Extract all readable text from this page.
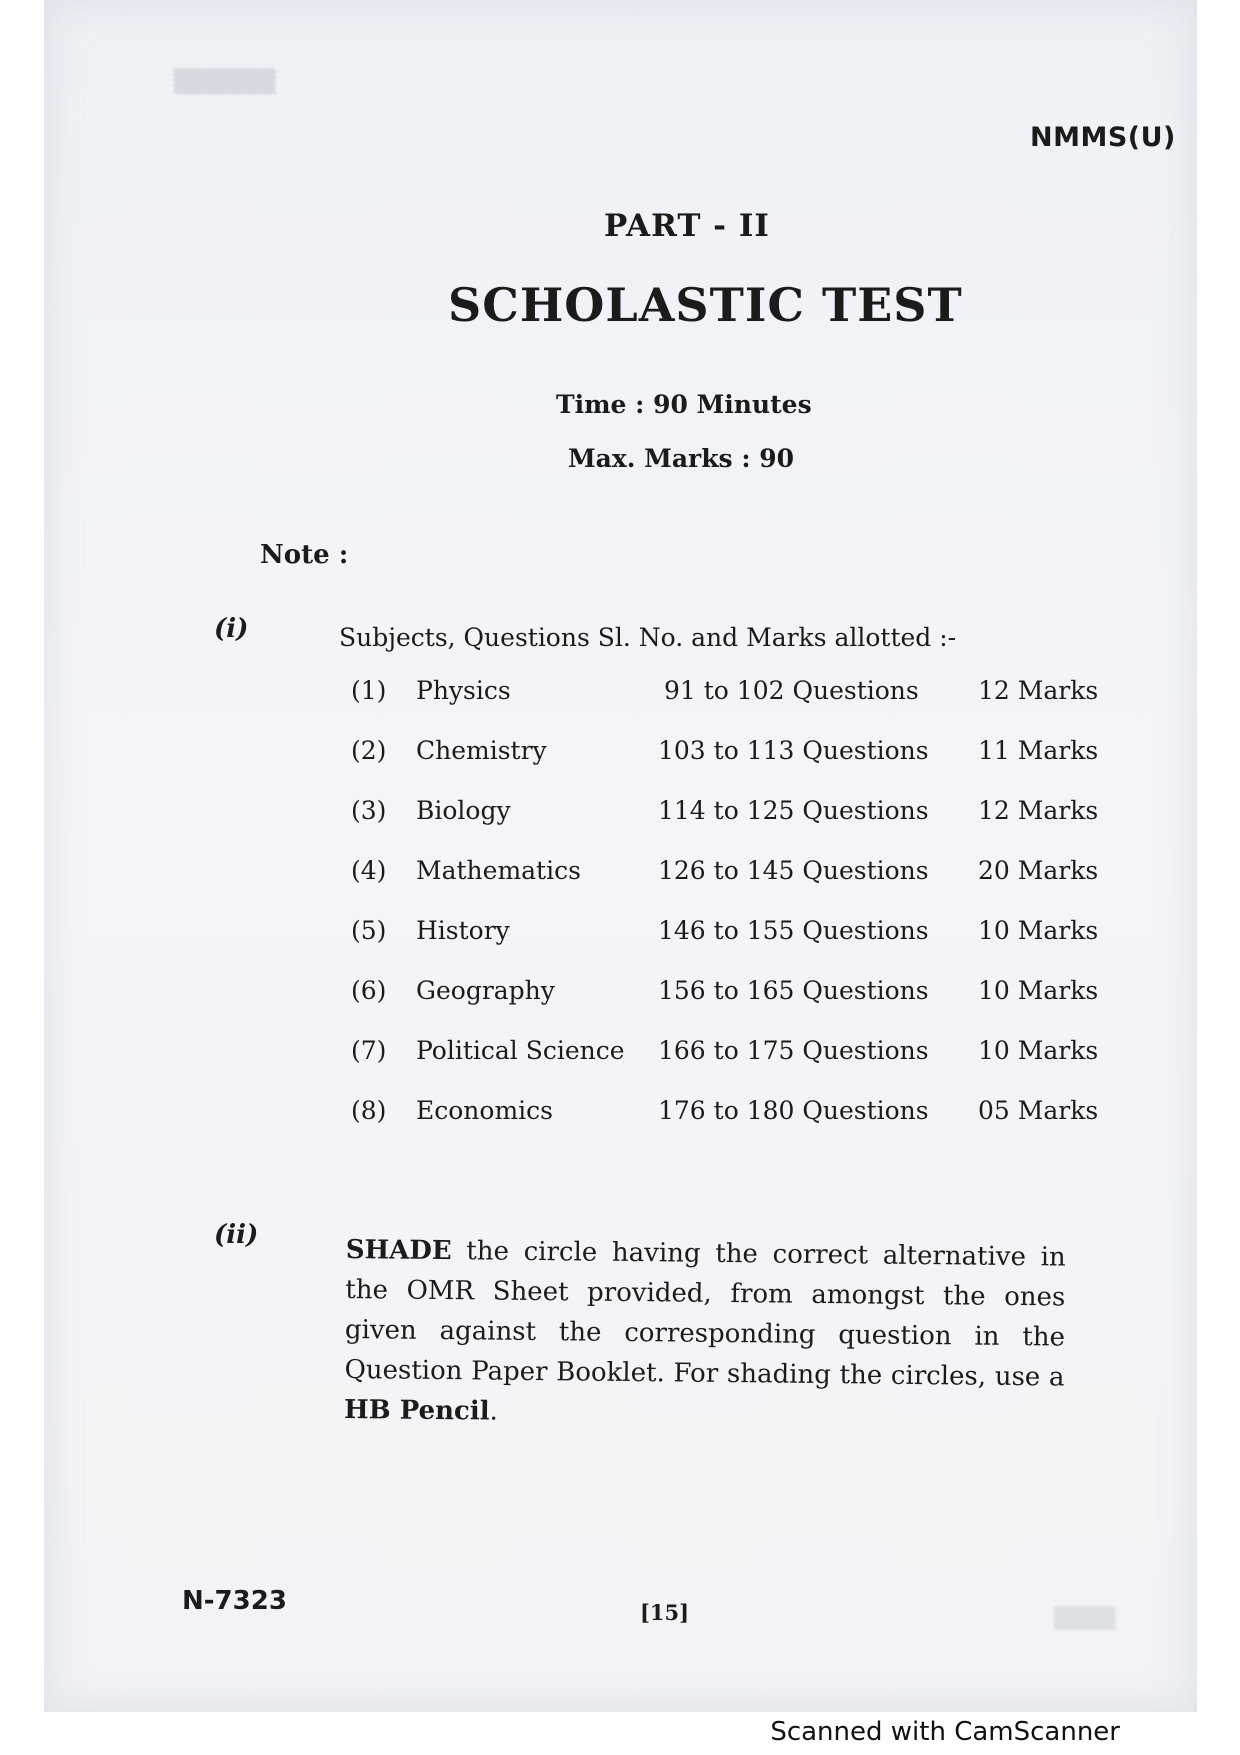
▒▒▒▒▒▒
NMMS(U)
PART - II
SCHOLASTIC TEST
Time : 90 Minutes
Max. Marks : 90
Note :
(i)	Subjects, Questions Sl. No. and Marks allotted :-
(1) Physics	91 to 102 Questions 12 Marks
(2) Chemistry	103 to 113 Questions 11 Marks
(3) Biology	114 to 125 Questions 12 Marks
(4) Mathematics	126 to 145 Questions 20 Marks
(5) History	146 to 155 Questions 10 Marks
(6) Geography	156 to 165 Questions 10 Marks
(7) Political Science 166 to 175 Questions 10 Marks
(8) Economics	176 to 180 Questions 05 Marks
(ii)	SHADE the circle having the correct alternative in the OMR Sheet provided, from amongst the ones given against the corresponding question in the Question Paper Booklet. For shading the circles, use a HB Pencil.
N-7323	[15]	▒▒▒▒
Scanned with CamScanner
